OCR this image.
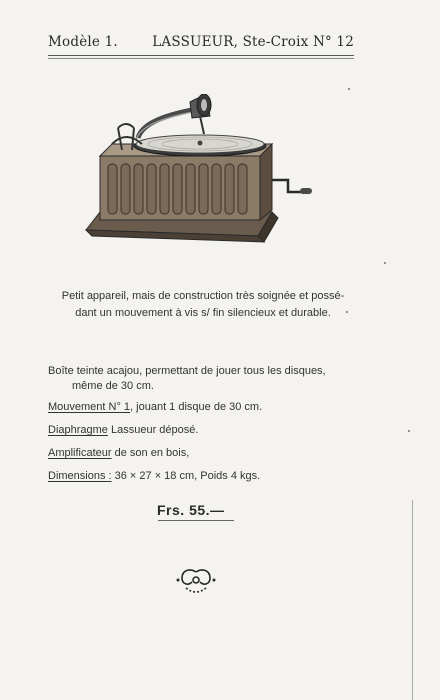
Modèle 1.	LASSUEUR, Ste-Croix N° 12
Petit appareil, mais de construction très soignée et possé-
dant un mouvement à vis s/ fin silencieux et durable.
Boîte teinte acajou, permettant de jouer tous les disques,
même de 30 cm.
Mouvement N° 1, jouant 1 disque de 30 cm.
Diaphragme Lassueur déposé.
Amplificateur de son en bois,
Dimensions : 36 × 27 × 18 cm, Poids 4 kgs.
Frs. 55.—
